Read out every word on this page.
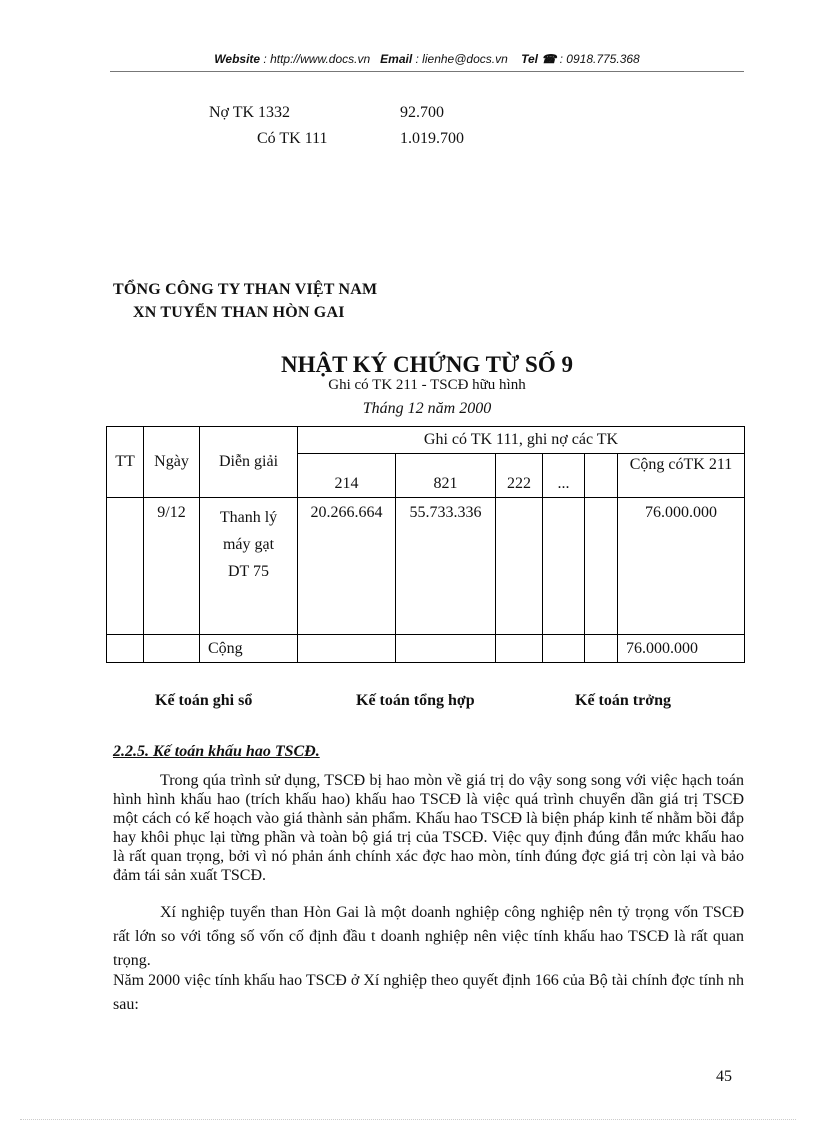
Website : http://www.docs.vn Email : lienhe@docs.vn Tel ☎ : 0918.775.368
Nợ TK 1332	92.700
Có TK 111	1.019.700
TỔNG CÔNG TY THAN VIỆT NAM
XN TUYỂN THAN HÒN GAI
NHẬT KÝ CHỨNG TỪ SỐ 9
Ghi có TK 211 - TSCĐ hữu hình
Tháng 12 năm 2000
TT	Ngày	Diễn giải	Ghi có TK 111, ghi nợ các TK					
			214	821	222	...		Cộng cóTK 211
	9/12	Thanh lý
máy gạt
DT 75	20.266.664	55.733.336				76.000.000
		Cộng						76.000.000
Kế toán ghi sổ	Kế toán tổng hợp	Kế toán trởng
2.2.5. Kế toán khấu hao TSCĐ.
Trong qúa trình sử dụng, TSCĐ bị hao mòn về giá trị do vậy song song với việc hạch toán hình hình khấu hao (trích khấu hao) khấu hao TSCĐ là việc quá trình chuyển dần giá trị TSCĐ một cách có kế hoạch vào giá thành sản phẩm. Khấu hao TSCĐ là biện pháp kinh tế nhằm bồi đắp hay khôi phục lại từng phần và toàn bộ giá trị của TSCĐ. Việc quy định đúng đắn mức khấu hao là rất quan trọng, bởi vì nó phản ánh chính xác đợc hao mòn, tính đúng đợc giá trị còn lại và bảo đảm tái sản xuất TSCĐ.
Xí nghiệp tuyển than Hòn Gai là một doanh nghiệp công nghiệp nên tỷ trọng vốn TSCĐ rất lớn so với tổng số vốn cố định đầu t doanh nghiệp nên việc tính khấu hao TSCĐ là rất quan trọng.
Năm 2000 việc tính khấu hao TSCĐ ở Xí nghiệp theo quyết định 166 của Bộ tài chính đợc tính nh sau:
45
